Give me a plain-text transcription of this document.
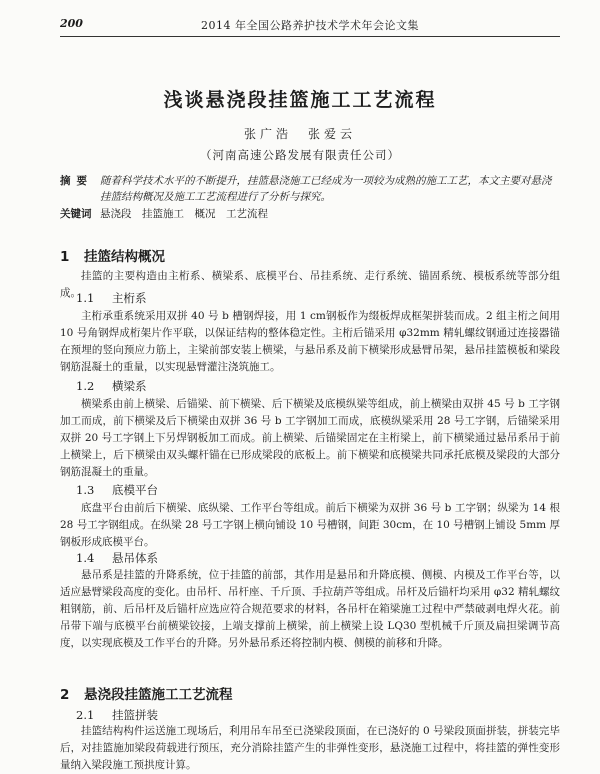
200	2014 年全国公路养护技术学术年会论文集
浅谈悬浇段挂篮施工工艺流程
张广浩　张爱云
（河南高速公路发展有限责任公司）
摘要 随着科学技术水平的不断提升，挂篮悬浇施工已经成为一项较为成熟的施工工艺，本文主要对悬浇挂篮结构概况及施工工艺流程进行了分析与探究。
关键词 悬浇段　挂篮施工　概况　工艺流程
1 挂篮结构概况
挂篮的主要构造由主桁系、横梁系、底模平台、吊挂系统、走行系统、锚固系统、模板系统等部分组成。
1.1 主桁系
主桁承重系统采用双拼 40 号 b 槽钢焊接，用 1 cm钢板作为缀板焊成框架拼装而成。2 组主桁之间用 10 号角钢焊成桁架片作平联，以保证结构的整体稳定性。主桁后锚采用 φ32mm 精轧螺纹钢通过连接器锚在预埋的竖向预应力筋上，主梁前部安装上横梁，与悬吊系及前下横梁形成悬臂吊架，悬吊挂篮模板和梁段钢筋混凝土的重量，以实现悬臂灌注浇筑施工。
1.2 横梁系
横梁系由前上横梁、后锚梁、前下横梁、后下横梁及底模纵梁等组成，前上横梁由双拼 45 号 b 工字钢加工而成，前下横梁及后下横梁由双拼 36 号 b 工字钢加工而成，底模纵梁采用 28 号工字钢，后锚梁采用双拼 20 号工字钢上下另焊钢板加工而成。前上横梁、后锚梁固定在主桁梁上，前下横梁通过悬吊系吊于前上横梁上，后下横梁由双头螺杆锚在已形成梁段的底板上。前下横梁和底模梁共同承托底模及梁段的大部分钢筋混凝土的重量。
1.3 底模平台
底盘平台由前后下横梁、底纵梁、工作平台等组成。前后下横梁为双拼 36 号 b 工字钢；纵梁为 14 根 28 号工字钢组成。在纵梁 28 号工字钢上横向铺设 10 号槽钢，间距 30cm，在 10 号槽钢上铺设 5mm 厚钢板形成底模平台。
1.4 悬吊体系
悬吊系是挂篮的升降系统，位于挂篮的前部，其作用是悬吊和升降底模、侧模、内模及工作平台等，以适应悬臂梁段高度的变化。由吊杆、吊杆座、千斤顶、手拉葫芦等组成。吊杆及后锚杆均采用 φ32 精轧螺纹粗钢筋，前、后吊杆及后锚杆应选应符合规范要求的材料，各吊杆在箱梁施工过程中严禁破剥电焊火花。前吊带下端与底模平台前横梁铰接，上端支撑前上横梁，前上横梁上设 LQ30 型机械千斤顶及扁担梁调节高度，以实现底模及工作平台的升降。另外悬吊系还将控制内模、侧模的前移和升降。
2 悬浇段挂篮施工工艺流程
2.1 挂篮拼装
挂篮结构构件运送施工现场后，利用吊车吊至已浇梁段顶面，在已浇好的 0 号梁段顶面拼装，拼装完毕后，对挂篮施加梁段荷载进行预压，充分消除挂篮产生的非弹性变形，悬浇施工过程中，将挂篮的弹性变形量纳入梁段施工预拱度计算。
